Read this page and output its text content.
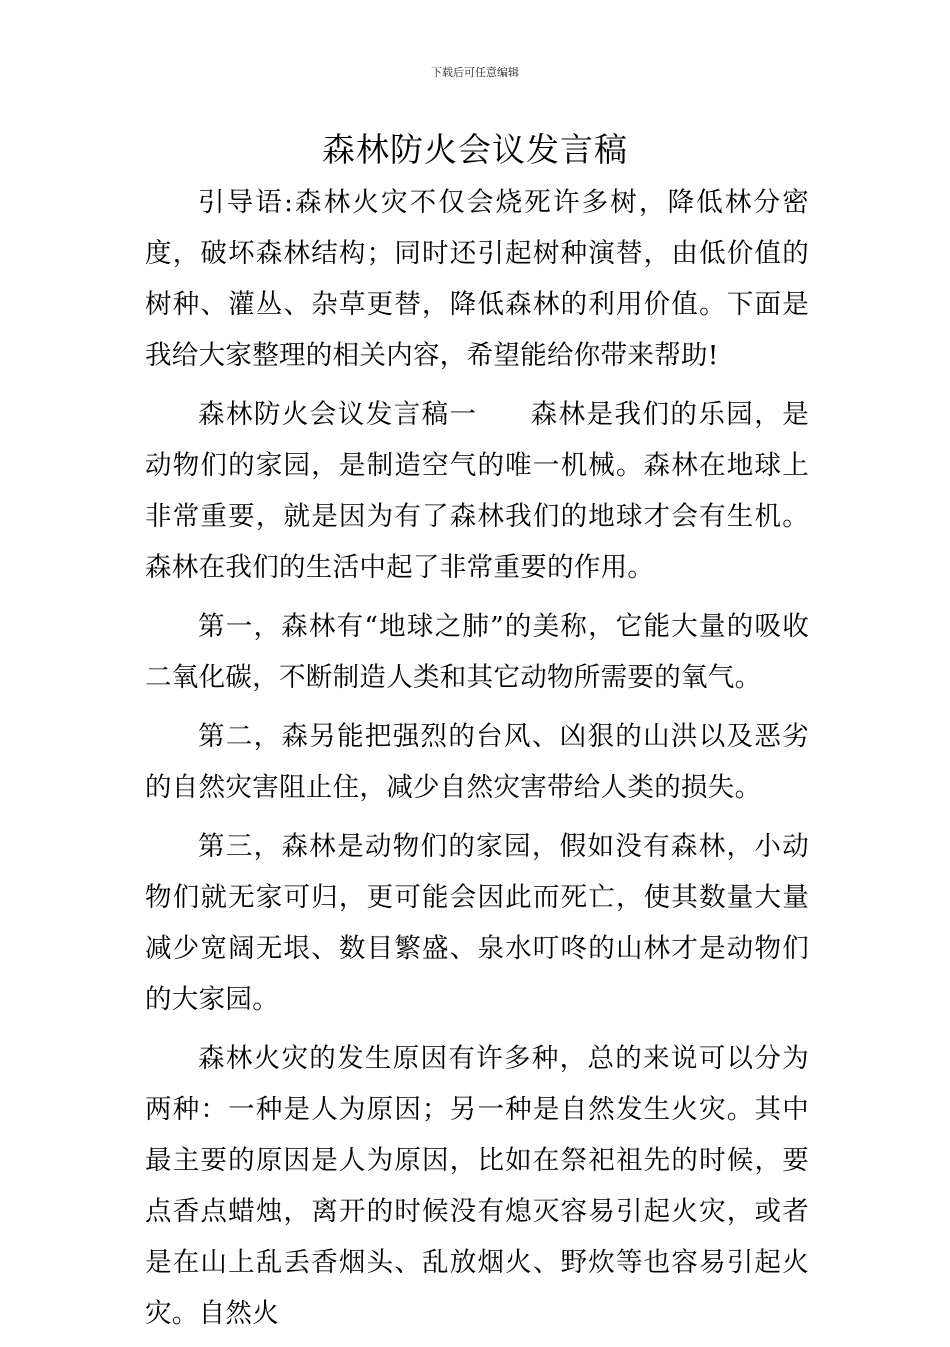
下载后可任意编辑
森林防火会议发言稿

引导语:森林火灾不仅会烧死许多树，降低林分密度，破坏森林结构；同时还引起树种演替，由低价值的树种、灌丛、杂草更替，降低森林的利用价值。下面是我给大家整理的相关内容，希望能给你带来帮助!

森林防火会议发言稿一 森林是我们的乐园，是动物们的家园，是制造空气的唯一机械。森林在地球上非常重要，就是因为有了森林我们的地球才会有生机。森林在我们的生活中起了非常重要的作用。

第一，森林有“地球之肺”的美称，它能大量的吸收二氧化碳，不断制造人类和其它动物所需要的氧气。

第二，森另能把强烈的台风、凶狠的山洪以及恶劣的自然灾害阻止住，减少自然灾害带给人类的损失。

第三，森林是动物们的家园，假如没有森林，小动物们就无家可归，更可能会因此而死亡，使其数量大量减少宽阔无垠、数目繁盛、泉水叮咚的山林才是动物们的大家园。

森林火灾的发生原因有许多种，总的来说可以分为两种：一种是人为原因；另一种是自然发生火灾。其中最主要的原因是人为原因，比如在祭祀祖先的时候，要点香点蜡烛，离开的时候没有熄灭容易引起火灾，或者是在山上乱丢香烟头、乱放烟火、野炊等也容易引起火灾。自然火
